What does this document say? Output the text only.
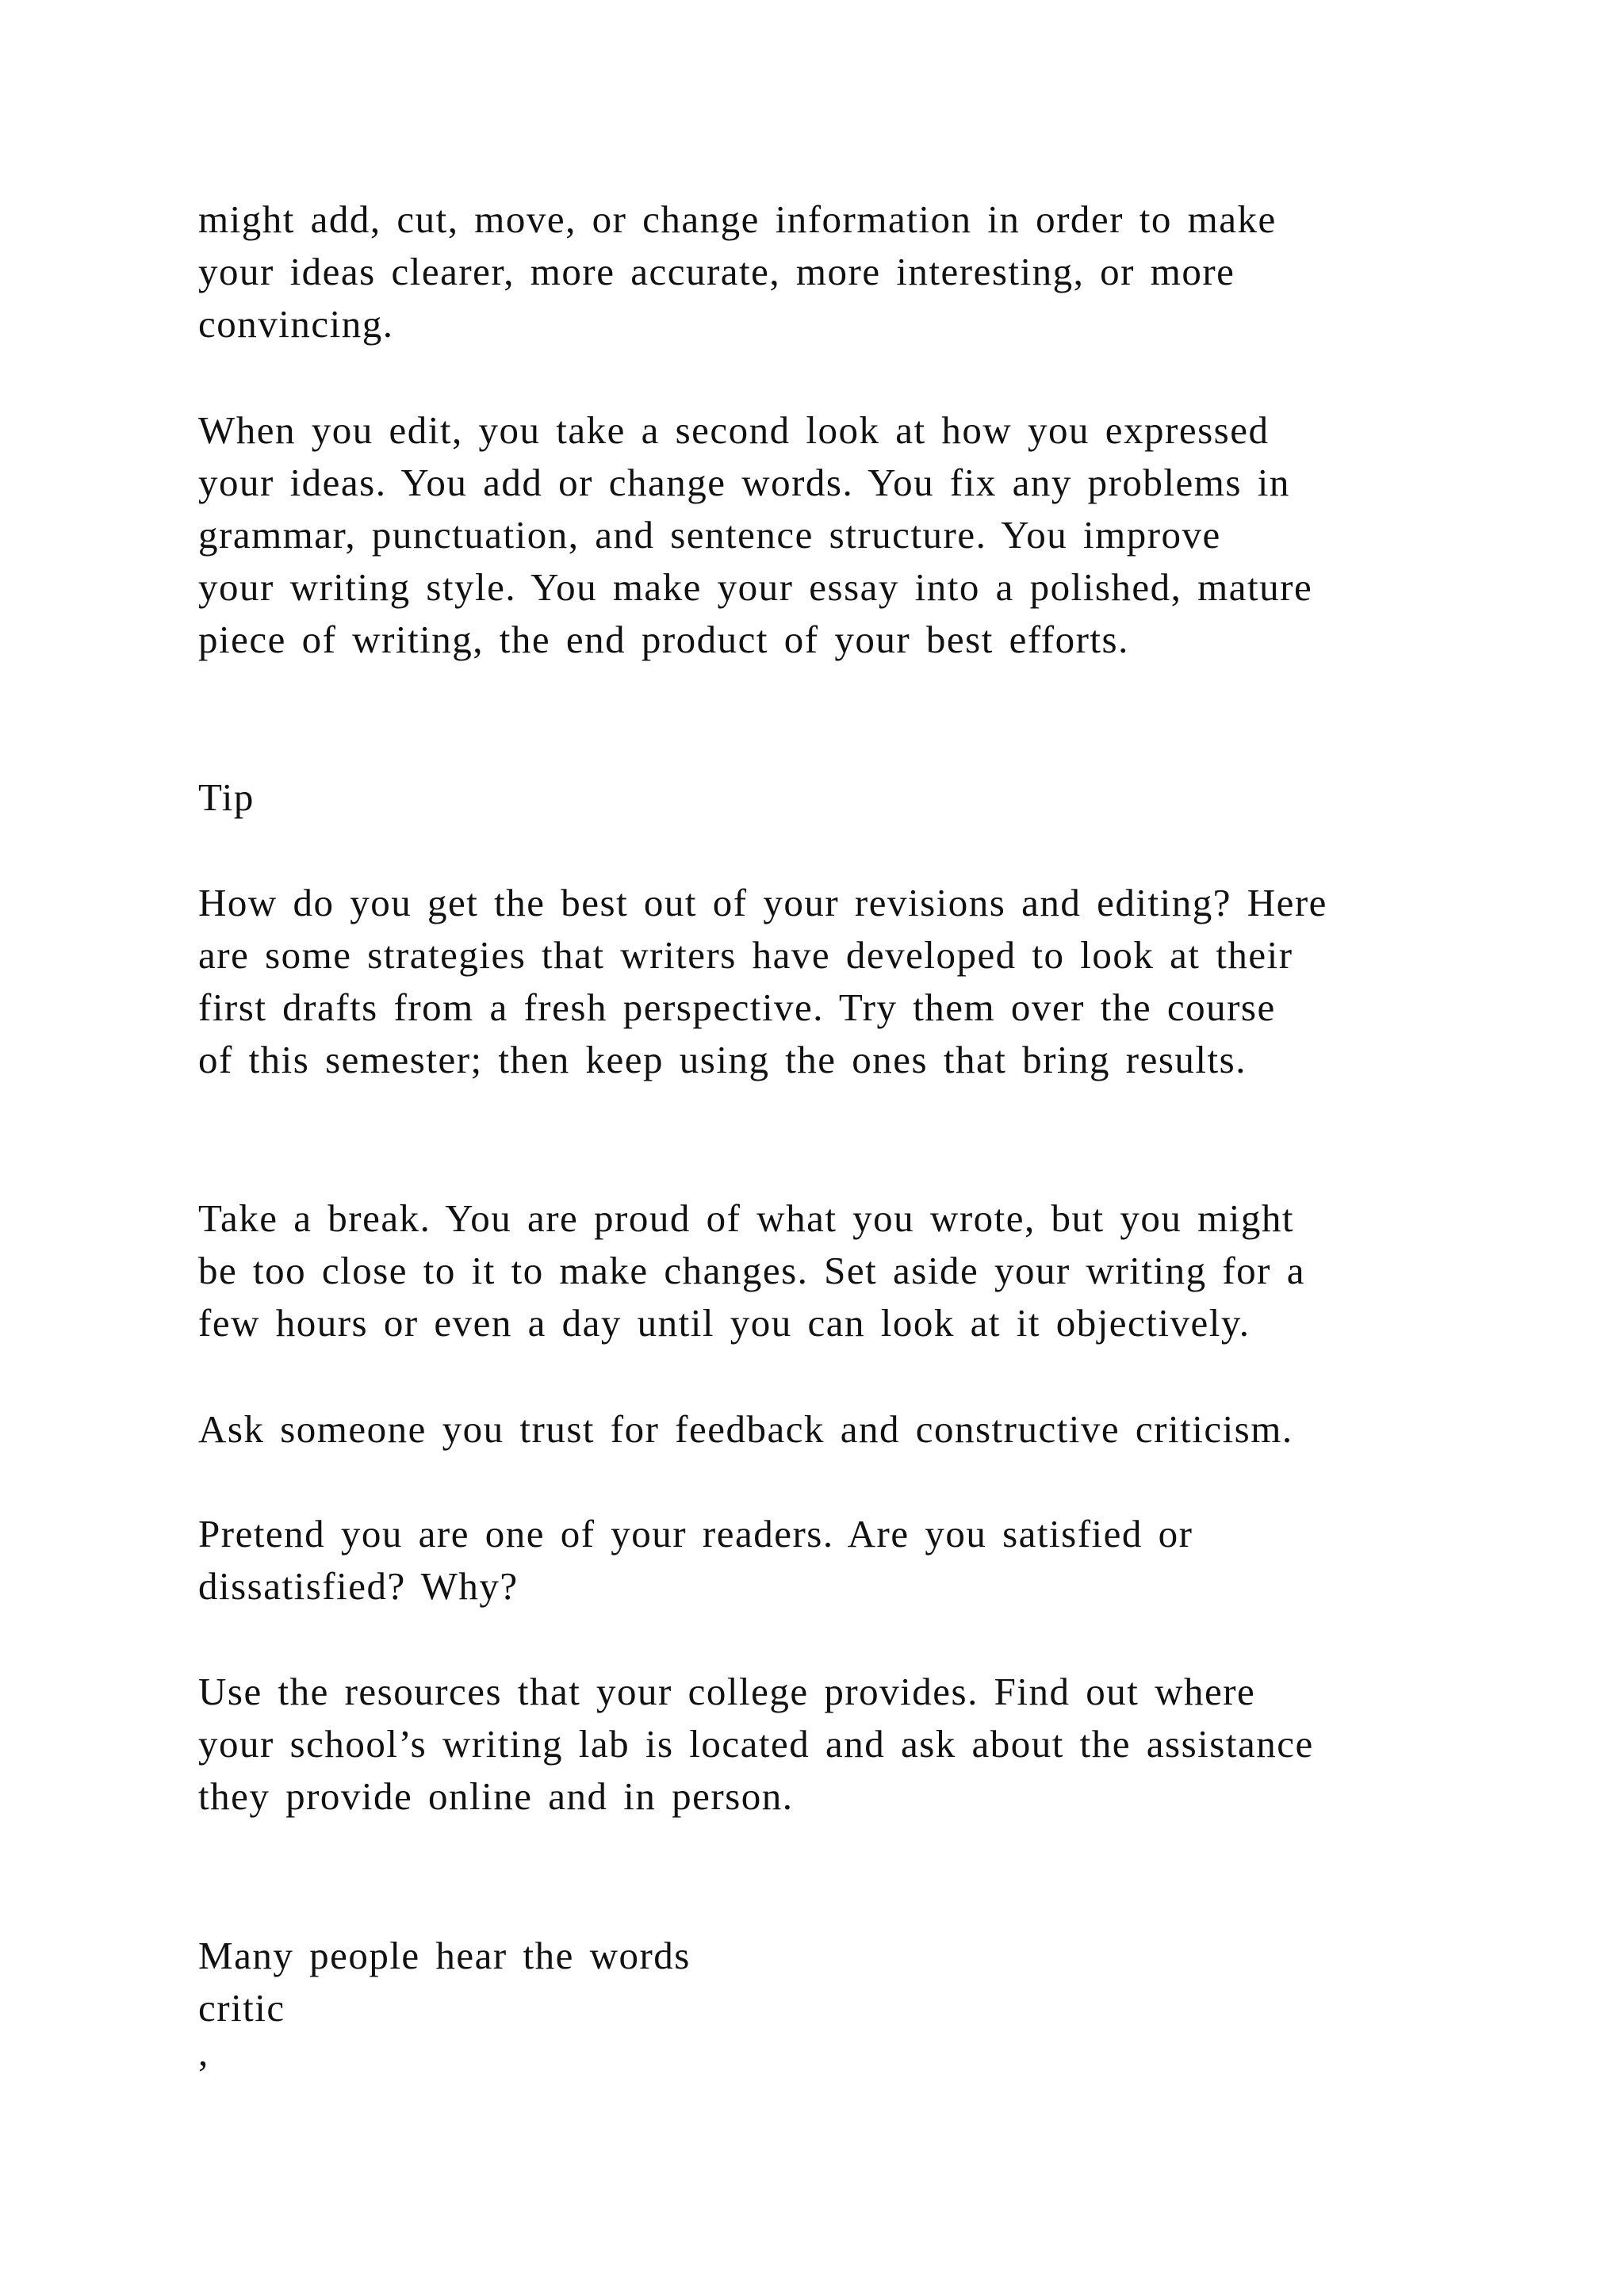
might add, cut, move, or change information in order to make

your ideas clearer, more accurate, more interesting, or more

convincing.

When you edit, you take a second look at how you expressed

your ideas. You add or change words. You fix any problems in

grammar, punctuation, and sentence structure. You improve

your writing style. You make your essay into a polished, mature

piece of writing, the end product of your best efforts.

Tip

How do you get the best out of your revisions and editing? Here

are some strategies that writers have developed to look at their

first drafts from a fresh perspective. Try them over the course

of this semester; then keep using the ones that bring results.

Take a break. You are proud of what you wrote, but you might

be too close to it to make changes. Set aside your writing for a

few hours or even a day until you can look at it objectively.

Ask someone you trust for feedback and constructive criticism.

Pretend you are one of your readers. Are you satisfied or

dissatisfied? Why?

Use the resources that your college provides. Find out where

your school’s writing lab is located and ask about the assistance

they provide online and in person.

Many people hear the words

critic

,
